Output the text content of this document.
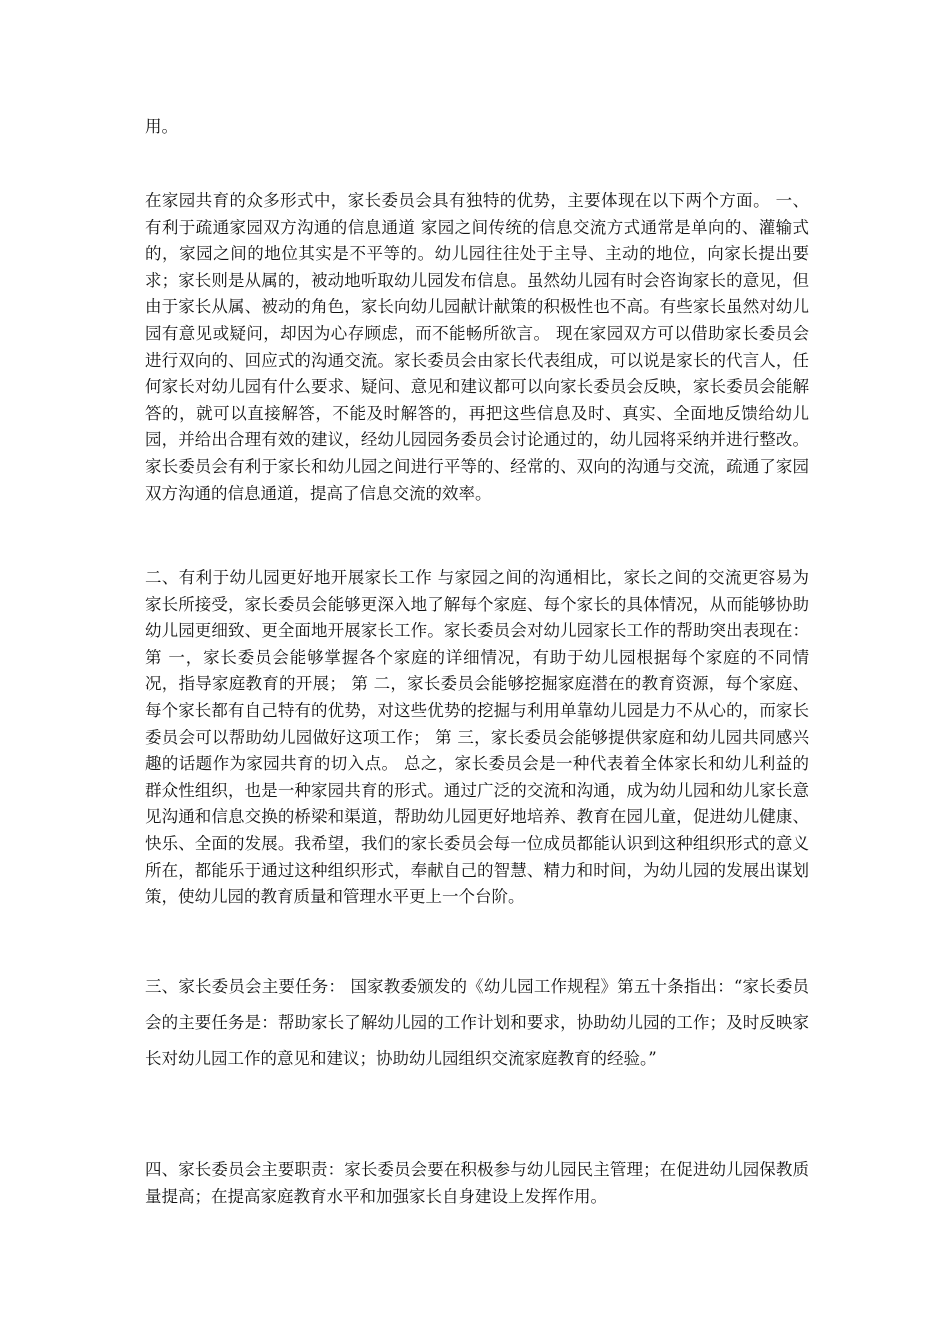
用。

在家园共育的众多形式中，家长委员会具有独特的优势，主要体现在以下两个方面。 一、有利于疏通家园双方沟通的信息通道 家园之间传统的信息交流方式通常是单向的、灌输式的，家园之间的地位其实是不平等的。幼儿园往往处于主导、主动的地位，向家长提出要求；家长则是从属的，被动地听取幼儿园发布信息。虽然幼儿园有时会咨询家长的意见，但由于家长从属、被动的角色，家长向幼儿园献计献策的积极性也不高。有些家长虽然对幼儿园有意见或疑问，却因为心存顾虑，而不能畅所欲言。 现在家园双方可以借助家长委员会进行双向的、回应式的沟通交流。家长委员会由家长代表组成，可以说是家长的代言人，任何家长对幼儿园有什么要求、疑问、意见和建议都可以向家长委员会反映，家长委员会能解答的，就可以直接解答，不能及时解答的，再把这些信息及时、真实、全面地反馈给幼儿园，并给出合理有效的建议，经幼儿园园务委员会讨论通过的，幼儿园将采纳并进行整改。家长委员会有利于家长和幼儿园之间进行平等的、经常的、双向的沟通与交流，疏通了家园双方沟通的信息通道，提高了信息交流的效率。

二、有利于幼儿园更好地开展家长工作 与家园之间的沟通相比，家长之间的交流更容易为家长所接受，家长委员会能够更深入地了解每个家庭、每个家长的具体情况，从而能够协助幼儿园更细致、更全面地开展家长工作。家长委员会对幼儿园家长工作的帮助突出表现在： 第 一，家长委员会能够掌握各个家庭的详细情况，有助于幼儿园根据每个家庭的不同情况，指导家庭教育的开展； 第 二，家长委员会能够挖掘家庭潜在的教育资源，每个家庭、每个家长都有自己特有的优势，对这些优势的挖掘与利用单靠幼儿园是力不从心的，而家长委员会可以帮助幼儿园做好这项工作； 第 三，家长委员会能够提供家庭和幼儿园共同感兴趣的话题作为家园共育的切入点。 总之，家长委员会是一种代表着全体家长和幼儿利益的群众性组织，也是一种家园共育的形式。通过广泛的交流和沟通，成为幼儿园和幼儿家长意见沟通和信息交换的桥梁和渠道，帮助幼儿园更好地培养、教育在园儿童，促进幼儿健康、快乐、全面的发展。我希望，我们的家长委员会每一位成员都能认识到这种组织形式的意义所在，都能乐于通过这种组织形式，奉献自己的智慧、精力和时间，为幼儿园的发展出谋划策，使幼儿园的教育质量和管理水平更上一个台阶。

三、家长委员会主要任务： 国家教委颁发的《幼儿园工作规程》第五十条指出：“家长委员会的主要任务是：帮助家长了解幼儿园的工作计划和要求，协助幼儿园的工作；及时反映家长对幼儿园工作的意见和建议；协助幼儿园组织交流家庭教育的经验。”

四、家长委员会主要职责：家长委员会要在积极参与幼儿园民主管理；在促进幼儿园保教质量提高；在提高家庭教育水平和加强家长自身建设上发挥作用。
